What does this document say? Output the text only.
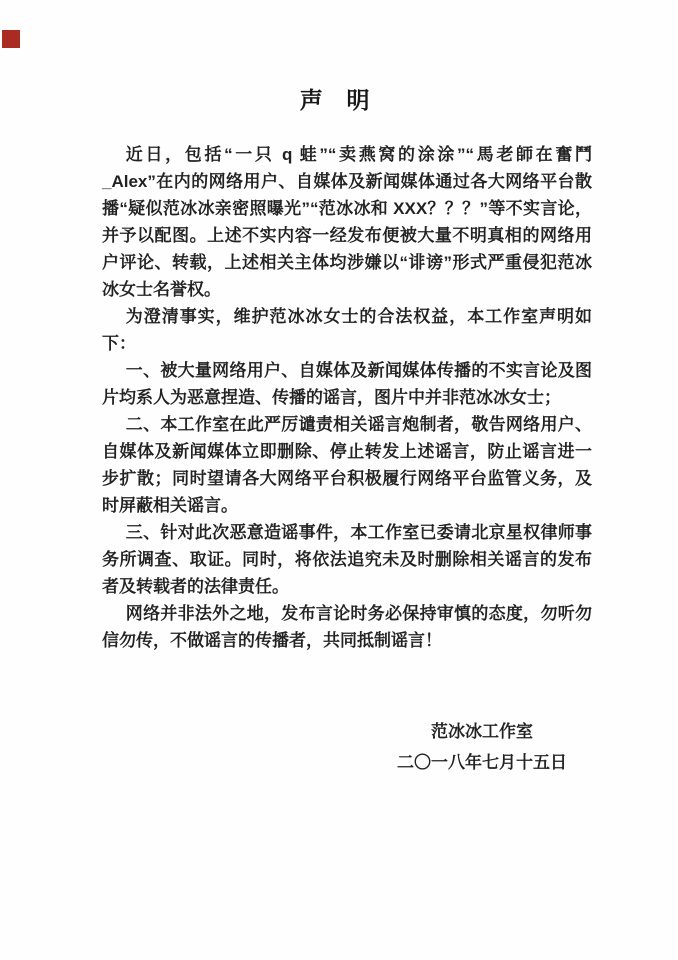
声 明

近日，包括“一只 q 蛙”“卖燕窝的涂涂”“馬老師在奮鬥_Alex”在内的网络用户、自媒体及新闻媒体通过各大网络平台散播“疑似范冰冰亲密照曝光”“范冰冰和 XXX？？？”等不实言论，并予以配图。上述不实内容一经发布便被大量不明真相的网络用户评论、转载，上述相关主体均涉嫌以“诽谤”形式严重侵犯范冰冰女士名誉权。

为澄清事实，维护范冰冰女士的合法权益，本工作室声明如下：

一、被大量网络用户、自媒体及新闻媒体传播的不实言论及图片均系人为恶意捏造、传播的谣言，图片中并非范冰冰女士；

二、本工作室在此严厉谴责相关谣言炮制者，敬告网络用户、自媒体及新闻媒体立即删除、停止转发上述谣言，防止谣言进一步扩散；同时望请各大网络平台积极履行网络平台监管义务，及时屏蔽相关谣言。

三、针对此次恶意造谣事件，本工作室已委请北京星权律师事务所调查、取证。同时，将依法追究未及时删除相关谣言的发布者及转载者的法律责任。

网络并非法外之地，发布言论时务必保持审慎的态度，勿听勿信勿传，不做谣言的传播者，共同抵制谣言！

范冰冰工作室
二〇一八年七月十五日
